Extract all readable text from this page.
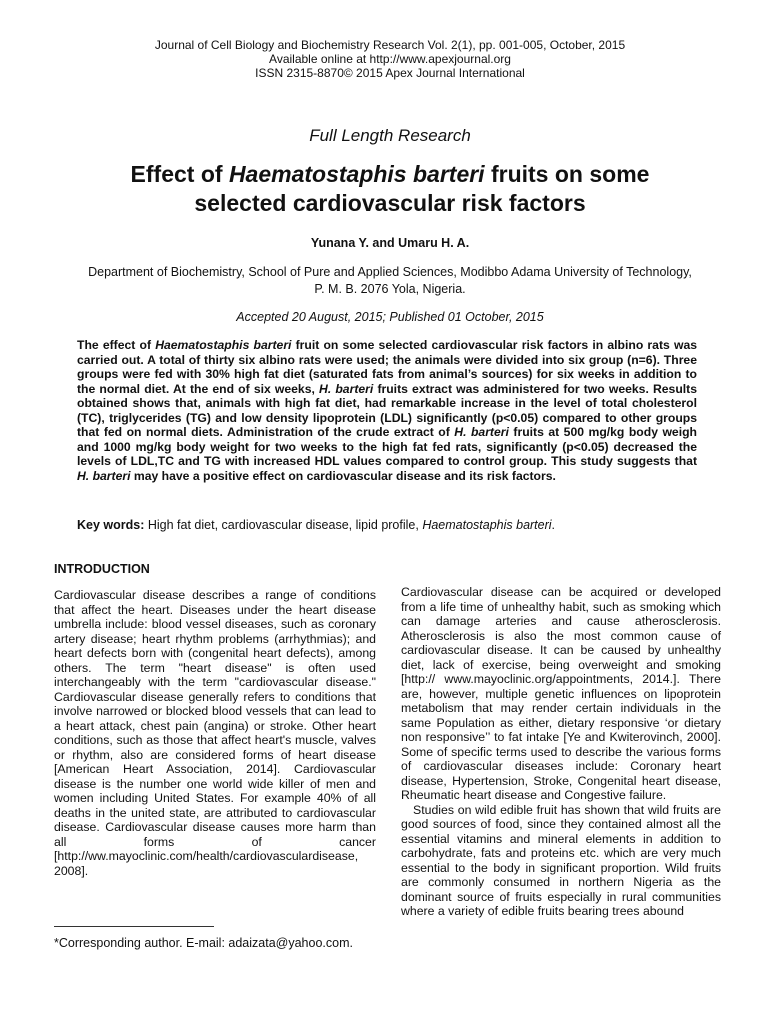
Journal of Cell Biology and Biochemistry Research Vol. 2(1), pp. 001-005, October, 2015
Available online at http://www.apexjournal.org
ISSN 2315-8870© 2015 Apex Journal International
Full Length Research
Effect of Haematostaphis barteri fruits on some
selected cardiovascular risk factors
Yunana Y. and Umaru H. A.
Department of Biochemistry, School of Pure and Applied Sciences, Modibbo Adama University of Technology,
P. M. B. 2076 Yola, Nigeria.
Accepted 20 August, 2015; Published 01 October, 2015
The effect of Haematostaphis barteri fruit on some selected cardiovascular risk factors in albino rats was carried out. A total of thirty six albino rats were used; the animals were divided into six group (n=6). Three groups were fed with 30% high fat diet (saturated fats from animal’s sources) for six weeks in addition to the normal diet. At the end of six weeks, H. barteri fruits extract was administered for two weeks. Results obtained shows that, animals with high fat diet, had remarkable increase in the level of total cholesterol (TC), triglycerides (TG) and low density lipoprotein (LDL) significantly (p<0.05) compared to other groups that fed on normal diets. Administration of the crude extract of H. barteri fruits at 500 mg/kg body weigh and 1000 mg/kg body weight for two weeks to the high fat fed rats, significantly (p<0.05) decreased the levels of LDL,TC and TG with increased HDL values compared to control group. This study suggests that H. barteri may have a positive effect on cardiovascular disease and its risk factors.
Key words: High fat diet, cardiovascular disease, lipid profile, Haematostaphis barteri.
INTRODUCTION

Cardiovascular disease describes a range of conditions that affect the heart. Diseases under the heart disease umbrella include: blood vessel diseases, such as coronary artery disease; heart rhythm problems (arrhythmias); and heart defects born with (congenital heart defects), among others. The term "heart disease" is often used interchangeably with the term "cardiovascular disease." Cardiovascular disease generally refers to conditions that involve narrowed or blocked blood vessels that can lead to a heart attack, chest pain (angina) or stroke. Other heart conditions, such as those that affect heart's muscle, valves or rhythm, also are considered forms of heart disease [American Heart Association, 2014]. Cardiovascular disease is the number one world wide killer of men and women including United States. For example 40% of all deaths in the united state, are attributed to cardiovascular disease. Cardiovascular disease causes more harm than all forms of cancer [http://ww.mayoclinic.com/health/cardiovasculardisease, 2008].

Cardiovascular disease can be acquired or developed from a life time of unhealthy habit, such as smoking which can damage arteries and cause atherosclerosis. Atherosclerosis is also the most common cause of cardiovascular disease. It can be caused by unhealthy diet, lack of exercise, being overweight and smoking [http:// www.mayoclinic.org/appointments, 2014.]. There are, however, multiple genetic influences on lipoprotein metabolism that may render certain individuals in the same Population as either, dietary responsive ‘or dietary non responsive’’ to fat intake [Ye and Kwiterovinch, 2000]. Some of specific terms used to describe the various forms of cardiovascular diseases include: Coronary heart disease, Hypertension, Stroke, Congenital heart disease, Rheumatic heart disease and Congestive failure.

Studies on wild edible fruit has shown that wild fruits are good sources of food, since they contained almost all the essential vitamins and mineral elements in addition to carbohydrate, fats and proteins etc. which are very much essential to the body in significant proportion. Wild fruits are commonly consumed in northern Nigeria as the dominant source of fruits especially in rural communities where a variety of edible fruits bearing trees abound

*Corresponding author. E-mail: adaizata@yahoo.com.
